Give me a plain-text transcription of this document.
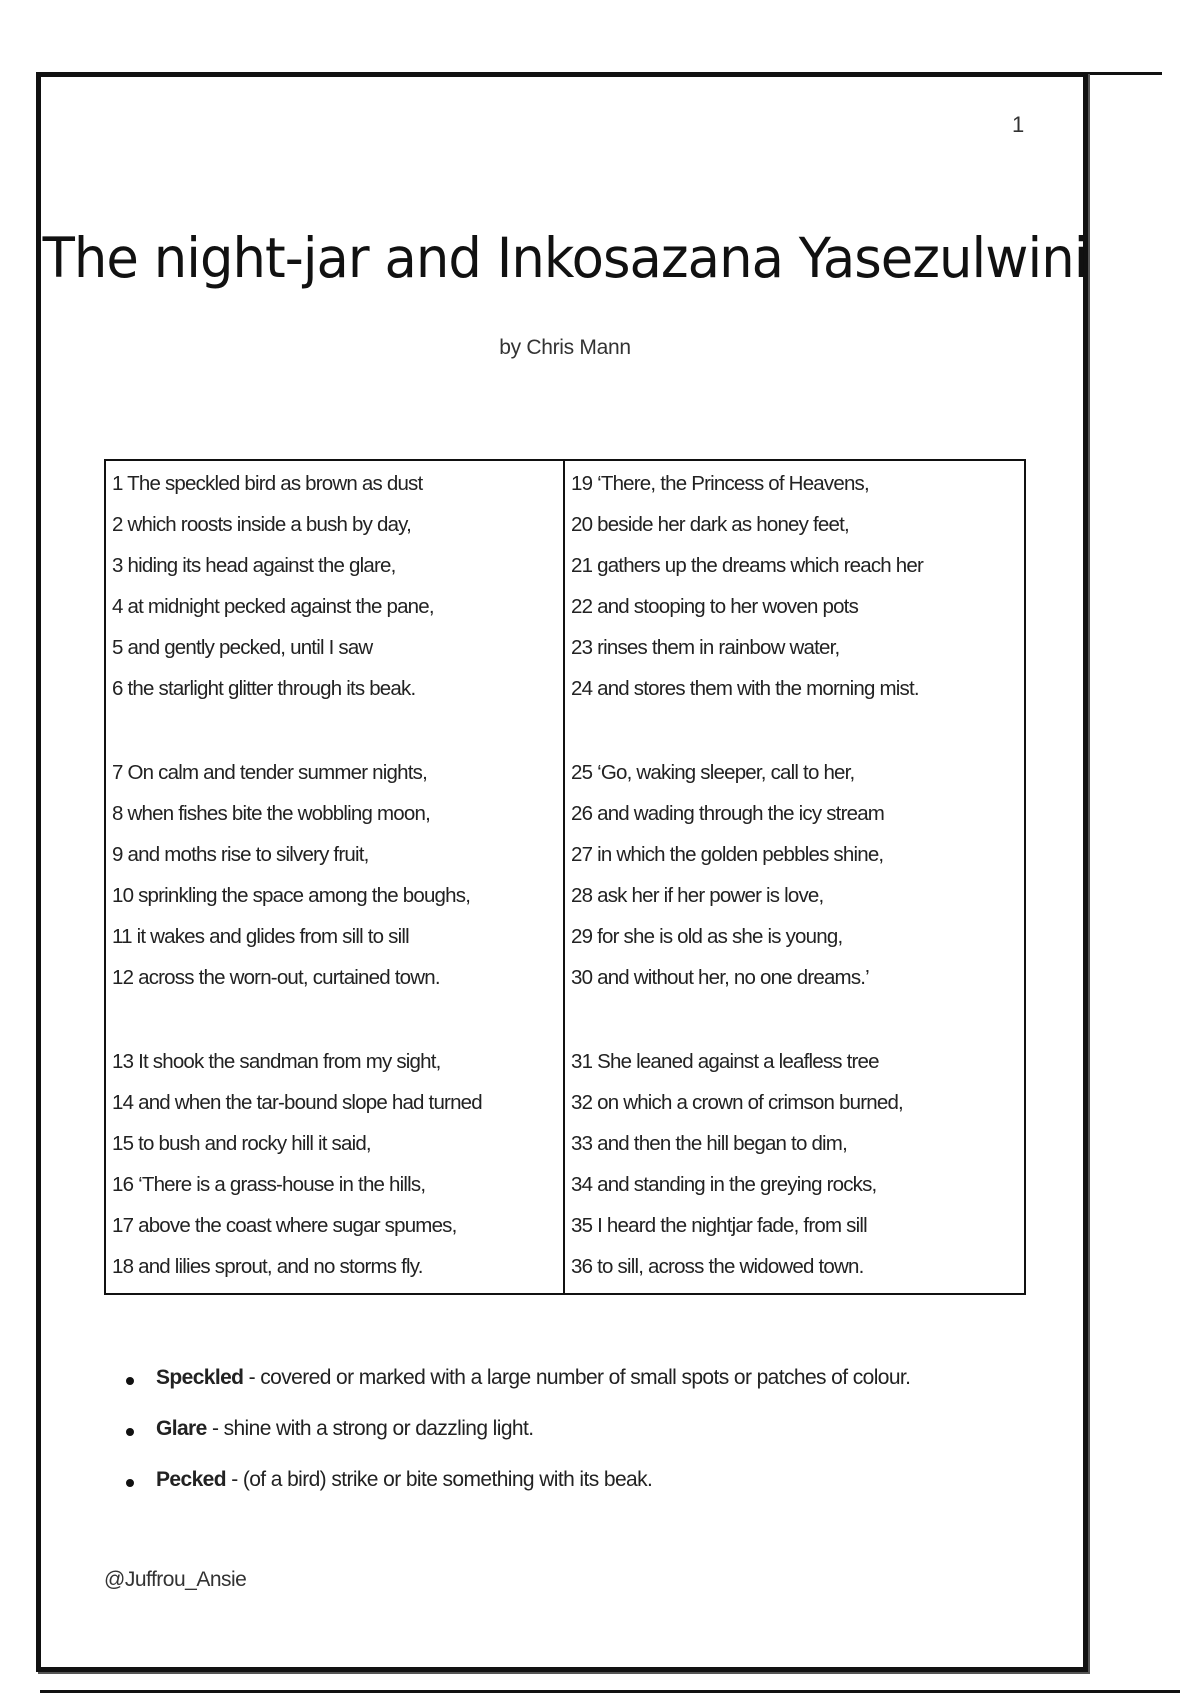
1
The night-jar and Inkosazana Yasezulwini
by Chris Mann
1 The speckled bird as brown as dust
2 which roosts inside a bush by day,
3 hiding its head against the glare,
4 at midnight pecked against the pane,
5 and gently pecked, until I saw
6 the starlight glitter through its beak.
7 On calm and tender summer nights,
8 when fishes bite the wobbling moon,
9 and moths rise to silvery fruit,
10 sprinkling the space among the boughs,
11 it wakes and glides from sill to sill
12 across the worn-out, curtained town.
13 It shook the sandman from my sight,
14 and when the tar-bound slope had turned
15 to bush and rocky hill it said,
16 ‘There is a grass-house in the hills,
17 above the coast where sugar spumes,
18 and lilies sprout, and no storms fly.
19 ‘There, the Princess of Heavens,
20 beside her dark as honey feet,
21 gathers up the dreams which reach her
22 and stooping to her woven pots
23 rinses them in rainbow water,
24 and stores them with the morning mist.
25 ‘Go, waking sleeper, call to her,
26 and wading through the icy stream
27 in which the golden pebbles shine,
28 ask her if her power is love,
29 for she is old as she is young,
30 and without her, no one dreams.’
31 She leaned against a leafless tree
32 on which a crown of crimson burned,
33 and then the hill began to dim,
34 and standing in the greying rocks,
35 I heard the nightjar fade, from sill
36 to sill, across the widowed town.
Speckled - covered or marked with a large number of small spots or patches of colour.
Glare - shine with a strong or dazzling light.
Pecked - (of a bird) strike or bite something with its beak.
@Juffrou_Ansie
